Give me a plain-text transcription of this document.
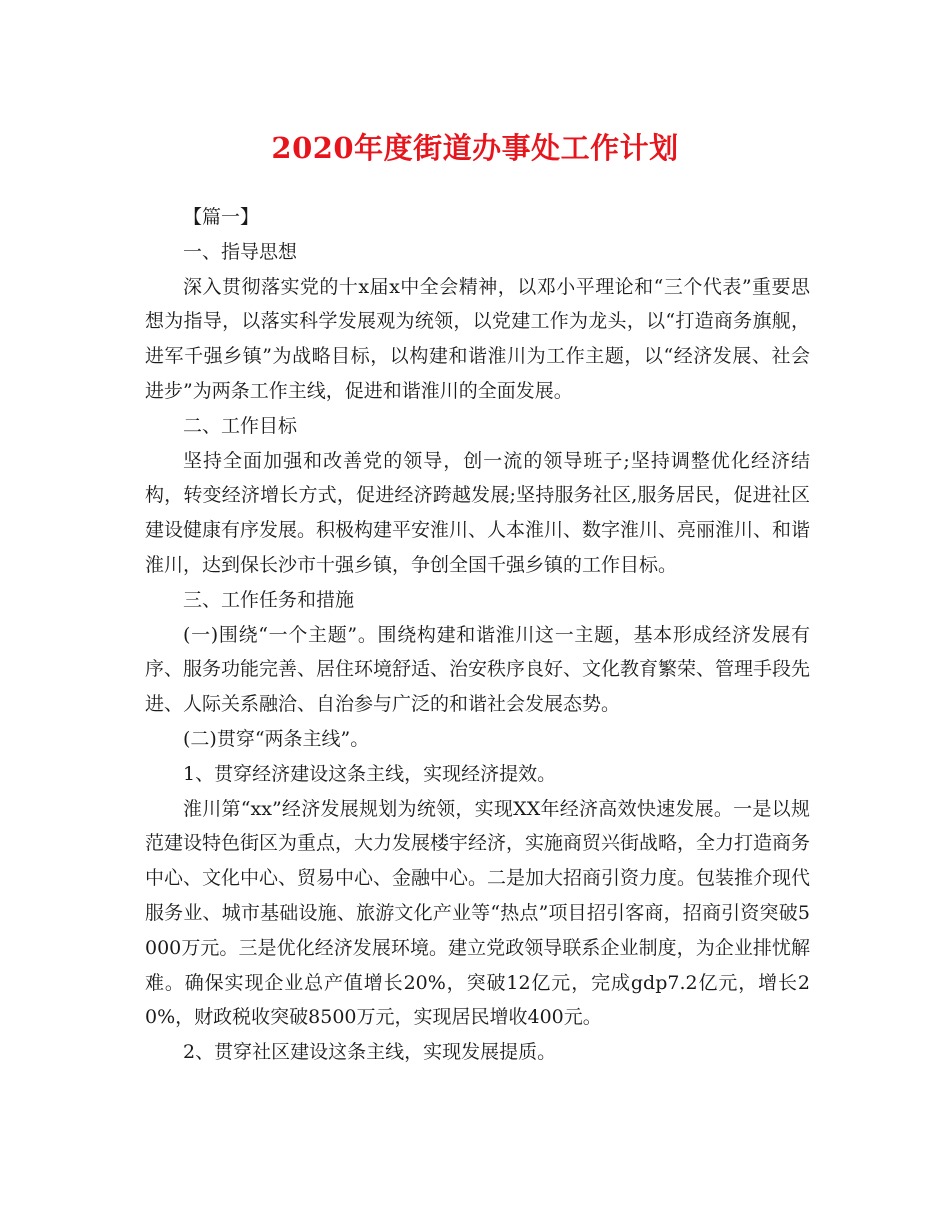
2020年度街道办事处工作计划

【篇一】

一、指导思想

深入贯彻落实党的十x届x中全会精神，以邓小平理论和“三个代表”重要思想为指导，以落实科学发展观为统领，以党建工作为龙头，以“打造商务旗舰，进军千强乡镇”为战略目标，以构建和谐淮川为工作主题，以“经济发展、社会进步”为两条工作主线，促进和谐淮川的全面发展。

二、工作目标

坚持全面加强和改善党的领导，创一流的领导班子;坚持调整优化经济结构，转变经济增长方式，促进经济跨越发展;坚持服务社区,服务居民，促进社区建设健康有序发展。积极构建平安淮川、人本淮川、数字淮川、亮丽淮川、和谐淮川，达到保长沙市十强乡镇，争创全国千强乡镇的工作目标。

三、工作任务和措施

(一)围绕“一个主题”。围绕构建和谐淮川这一主题，基本形成经济发展有序、服务功能完善、居住环境舒适、治安秩序良好、文化教育繁荣、管理手段先进、人际关系融洽、自治参与广泛的和谐社会发展态势。

(二)贯穿“两条主线”。

1、贯穿经济建设这条主线，实现经济提效。

淮川第“xx”经济发展规划为统领，实现XX年经济高效快速发展。一是以规范建设特色街区为重点，大力发展楼宇经济，实施商贸兴街战略，全力打造商务中心、文化中心、贸易中心、金融中心。二是加大招商引资力度。包装推介现代服务业、城市基础设施、旅游文化产业等“热点”项目招引客商，招商引资突破5000万元。三是优化经济发展环境。建立党政领导联系企业制度，为企业排忧解难。确保实现企业总产值增长20%，突破12亿元，完成gdp7.2亿元，增长20%，财政税收突破8500万元，实现居民增收400元。

2、贯穿社区建设这条主线，实现发展提质。
